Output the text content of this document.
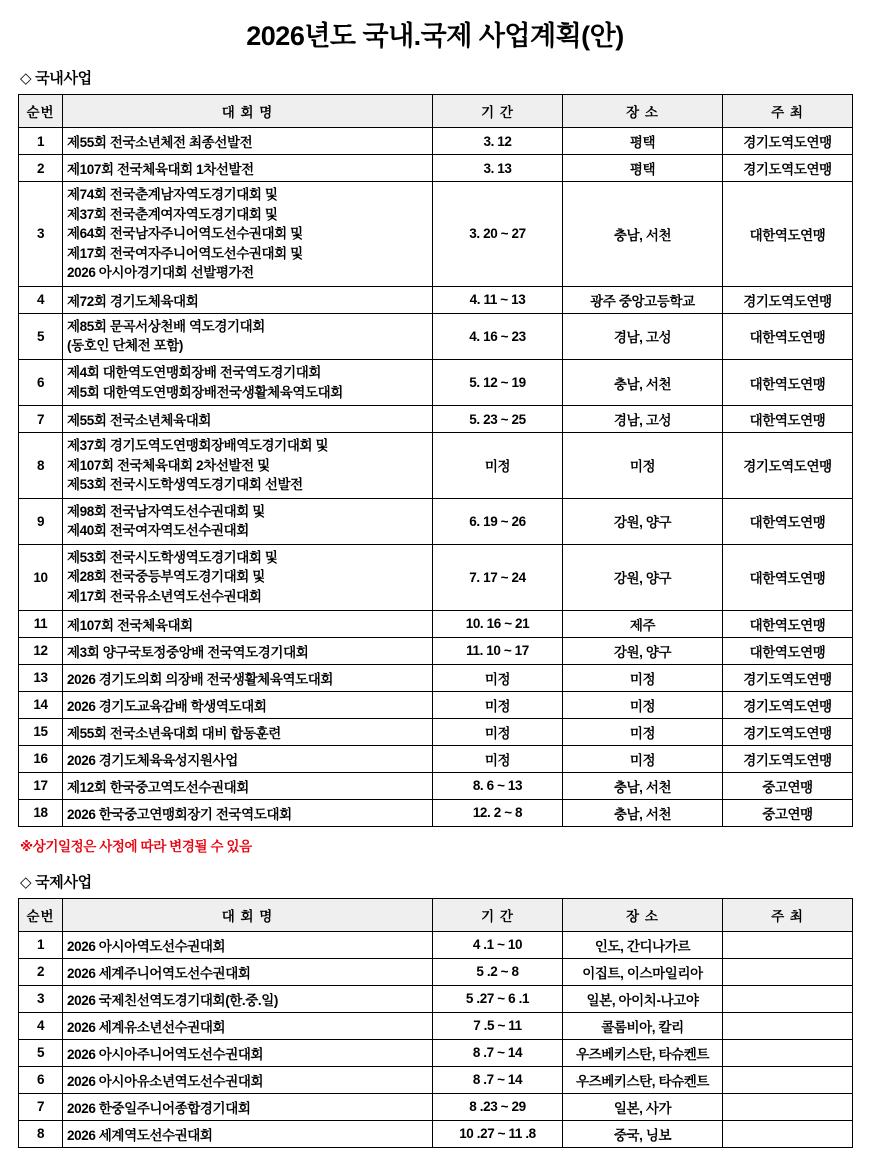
2026년도 국내.국제 사업계획(안)
◇ 국내사업
순번	대 회 명	기 간	장 소	주 최
1	제55회 전국소년체전 최종선발전	3. 12	평택	경기도역도연맹
2	제107회 전국체육대회 1차선발전	3. 13	평택	경기도역도연맹
3	제74회 전국춘계남자역도경기대회 및
제37회 전국춘계여자역도경기대회 및
제64회 전국남자주니어역도선수권대회 및
제17회 전국여자주니어역도선수권대회 및
2026 아시아경기대회 선발평가전	3. 20 ~ 27	충남, 서천	대한역도연맹
4	제72회 경기도체육대회	4. 11 ~ 13	광주 중앙고등학교	경기도역도연맹
5	제85회 문곡서상천배 역도경기대회
(동호인 단체전 포함)	4. 16 ~ 23	경남, 고성	대한역도연맹
6	제4회 대한역도연맹회장배 전국역도경기대회
제5회 대한역도연맹회장배전국생활체육역도대회	5. 12 ~ 19	충남, 서천	대한역도연맹
7	제55회 전국소년체육대회	5. 23 ~ 25	경남, 고성	대한역도연맹
8	제37회 경기도역도연맹회장배역도경기대회 및
제107회 전국체육대회 2차선발전 및
제53회 전국시도학생역도경기대회 선발전	미정	미정	경기도역도연맹
9	제98회 전국남자역도선수권대회 및
제40회 전국여자역도선수권대회	6. 19 ~ 26	강원, 양구	대한역도연맹
10	제53회 전국시도학생역도경기대회 및
제28회 전국중등부역도경기대회 및
제17회 전국유소년역도선수권대회	7. 17 ~ 24	강원, 양구	대한역도연맹
11	제107회 전국체육대회	10. 16 ~ 21	제주	대한역도연맹
12	제3회 양구국토정중앙배 전국역도경기대회	11. 10 ~ 17	강원, 양구	대한역도연맹
13	2026 경기도의회 의장배 전국생활체육역도대회	미정	미정	경기도역도연맹
14	2026 경기도교육감배 학생역도대회	미정	미정	경기도역도연맹
15	제55회 전국소년육대회 대비 합동훈련	미정	미정	경기도역도연맹
16	2026 경기도체육육성지원사업	미정	미정	경기도역도연맹
17	제12회 한국중고역도선수권대회	8. 6 ~ 13	충남, 서천	중고연맹
18	2026 한국중고연맹회장기 전국역도대회	12. 2 ~ 8	충남, 서천	중고연맹
※상기일정은 사정에 따라 변경될 수 있음
◇ 국제사업
순번	대 회 명	기 간	장 소	주 최
1	2026 아시아역도선수권대회	4 .1 ~ 10	인도, 간디나가르	
2	2026 세계주니어역도선수권대회	5 .2 ~ 8	이집트, 이스마일리아	
3	2026 국제친선역도경기대회(한.중.일)	5 .27 ~ 6 .1	일본, 아이치-나고야	
4	2026 세계유소년선수권대회	7 .5 ~ 11	콜롬비아, 칼리	
5	2026 아시아주니어역도선수권대회	8 .7 ~ 14	우즈베키스탄, 타슈켄트	
6	2026 아시아유소년역도선수권대회	8 .7 ~ 14	우즈베키스탄, 타슈켄트	
7	2026 한중일주니어종합경기대회	8 .23 ~ 29	일본, 사가	
8	2026 세계역도선수권대회	10 .27 ~ 11 .8	중국, 닝보	
